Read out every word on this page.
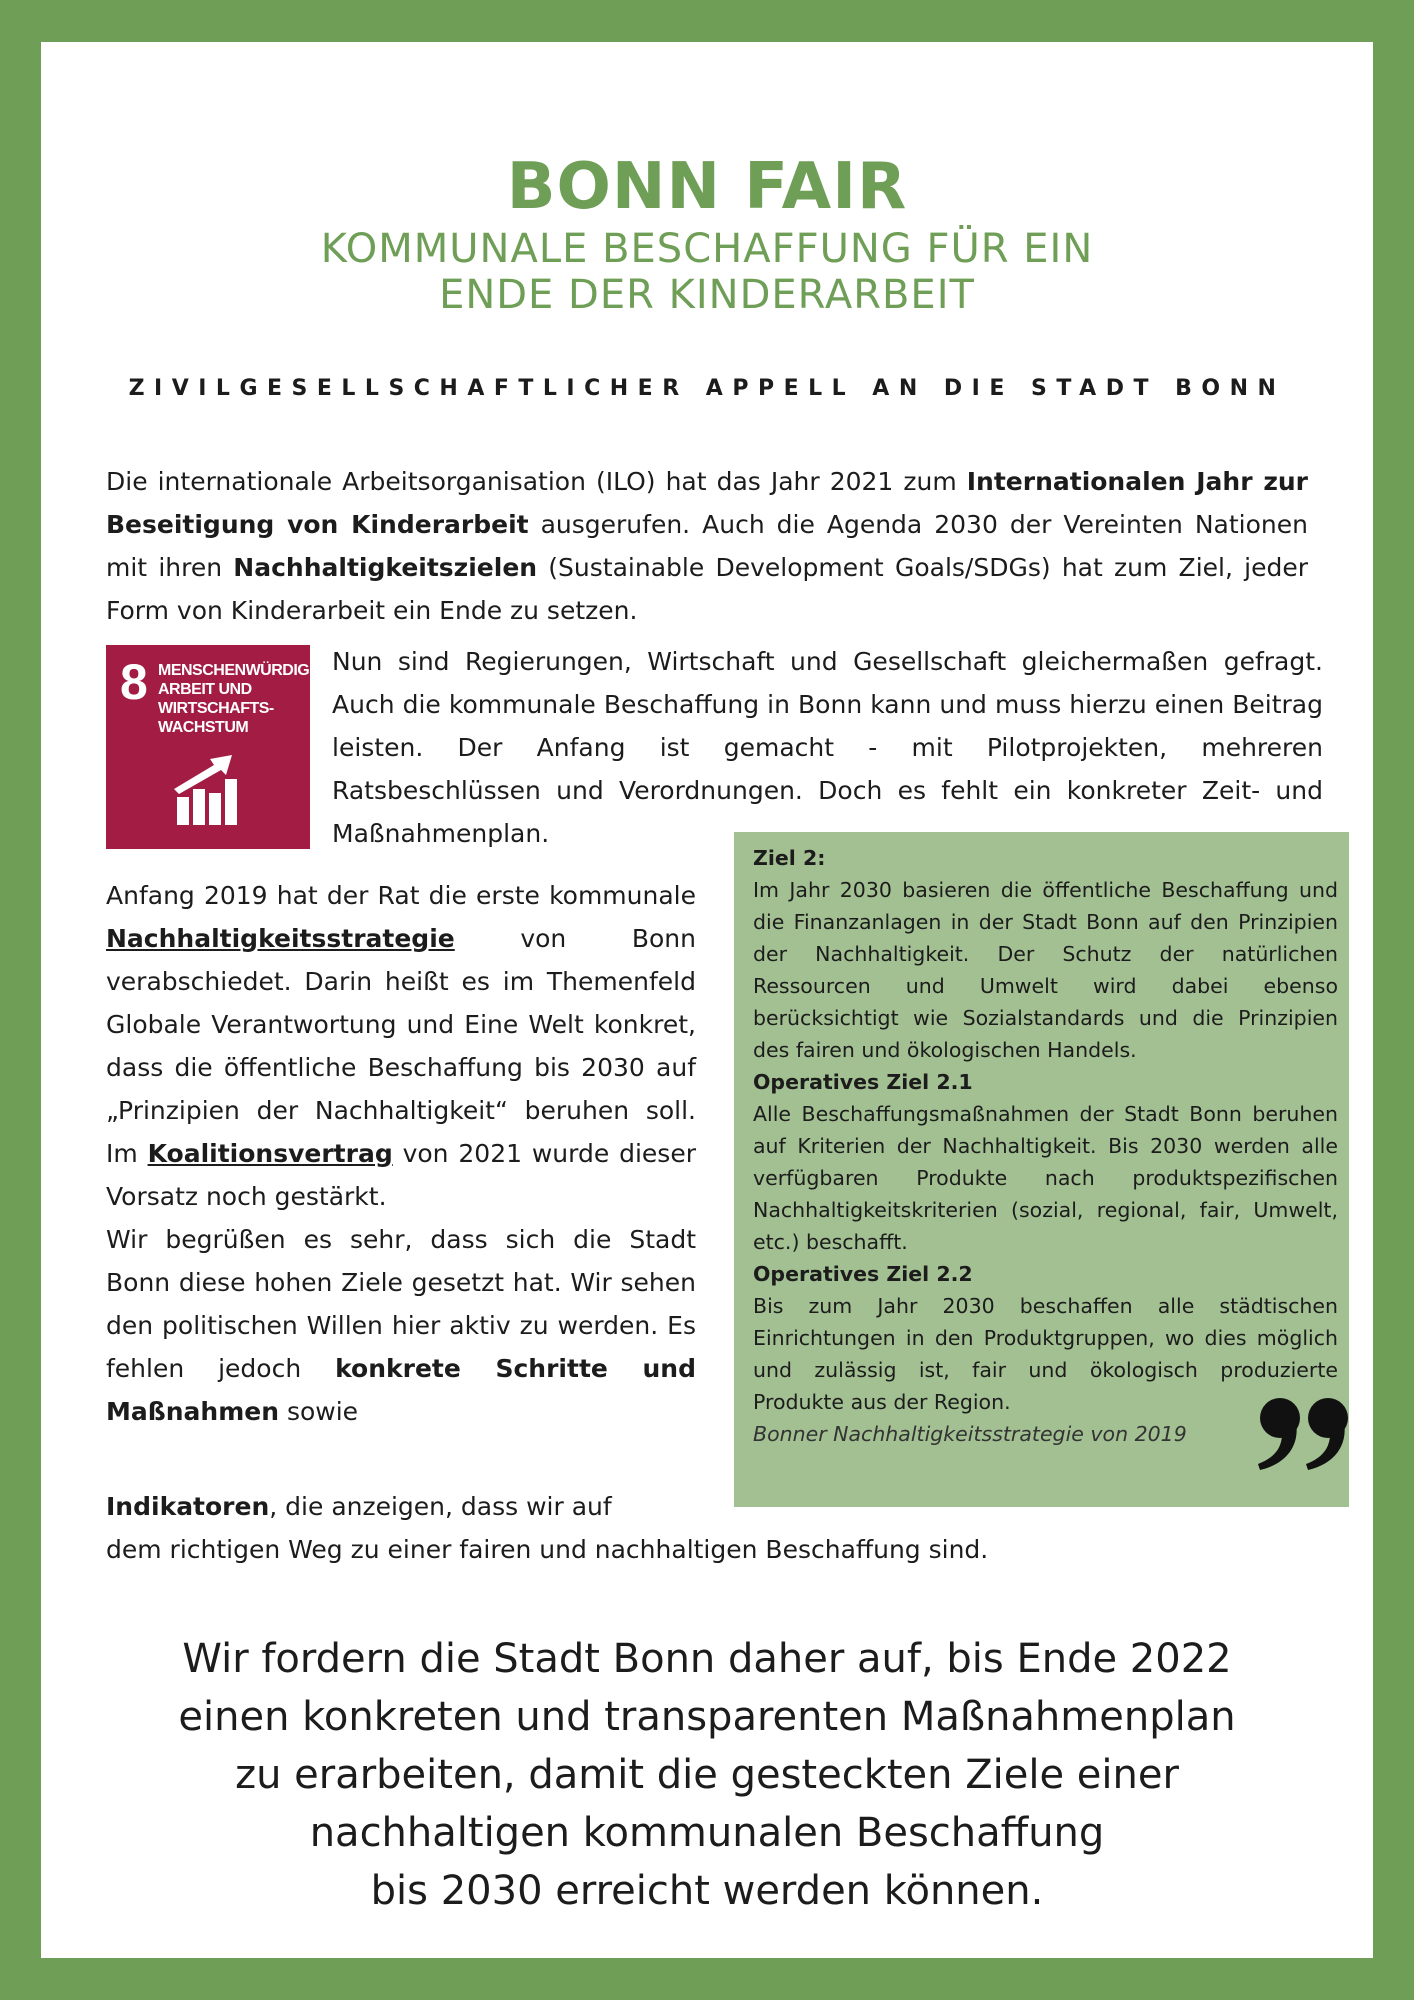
BONN FAIR
KOMMUNALE BESCHAFFUNG FÜR EIN
ENDE DER KINDERARBEIT
ZIVILGESELLSCHAFTLICHER APPELL AN DIE STADT BONN
Die internationale Arbeitsorganisation (ILO) hat das Jahr 2021 zum Internationalen Jahr zur Beseitigung von Kinderarbeit ausgerufen. Auch die Agenda 2030 der Vereinten Nationen mit ihren Nachhaltigkeitszielen (Sustainable Development Goals/SDGs) hat zum Ziel, jeder Form von Kinderarbeit ein Ende zu setzen.
8 MENSCHENWÜRDIGE
ARBEIT UND
WIRTSCHAFTS-
WACHSTUM
Nun sind Regierungen, Wirtschaft und Gesellschaft gleichermaßen gefragt. Auch die kommunale Beschaffung in Bonn kann und muss hierzu einen Beitrag leisten. Der Anfang ist gemacht - mit Pilotprojekten, mehreren Ratsbeschlüssen und Verordnungen. Doch es fehlt ein konkreter Zeit- und Maßnahmenplan.

Anfang 2019 hat der Rat die erste kommunale Nachhaltigkeitsstrategie von Bonn verabschiedet. Darin heißt es im Themenfeld Globale Verantwortung und Eine Welt konkret, dass die öffentliche Beschaffung bis 2030 auf „Prinzipien der Nachhaltigkeit“ beruhen soll. Im Koalitionsvertrag von 2021 wurde dieser Vorsatz noch gestärkt.

Wir begrüßen es sehr, dass sich die Stadt Bonn diese hohen Ziele gesetzt hat. Wir sehen den politischen Willen hier aktiv zu werden. Es fehlen jedoch konkrete Schritte und Maßnahmen sowie

Indikatoren, die anzeigen, dass wir auf
dem richtigen Weg zu einer fairen und nachhaltigen Beschaffung sind.
Ziel 2:
Im Jahr 2030 basieren die öffentliche Beschaffung und die Finanzanlagen in der Stadt Bonn auf den Prinzipien der Nachhaltigkeit. Der Schutz der natürlichen Ressourcen und Umwelt wird dabei ebenso berücksichtigt wie Sozialstandards und die Prinzipien des fairen und ökologischen Handels.
Operatives Ziel 2.1
Alle Beschaffungsmaßnahmen der Stadt Bonn beruhen auf Kriterien der Nachhaltigkeit. Bis 2030 werden alle verfügbaren Produkte nach produktspezifischen Nachhaltigkeitskriterien (sozial, regional, fair, Umwelt, etc.) beschafft.
Operatives Ziel 2.2
Bis zum Jahr 2030 beschaffen alle städtischen Einrichtungen in den Produktgruppen, wo dies möglich und zulässig ist, fair und ökologisch produzierte Produkte aus der Region.
Bonner Nachhaltigkeitsstrategie von 2019
Wir fordern die Stadt Bonn daher auf, bis Ende 2022
einen konkreten und transparenten Maßnahmenplan
zu erarbeiten, damit die gesteckten Ziele einer
nachhaltigen kommunalen Beschaffung
bis 2030 erreicht werden können.
